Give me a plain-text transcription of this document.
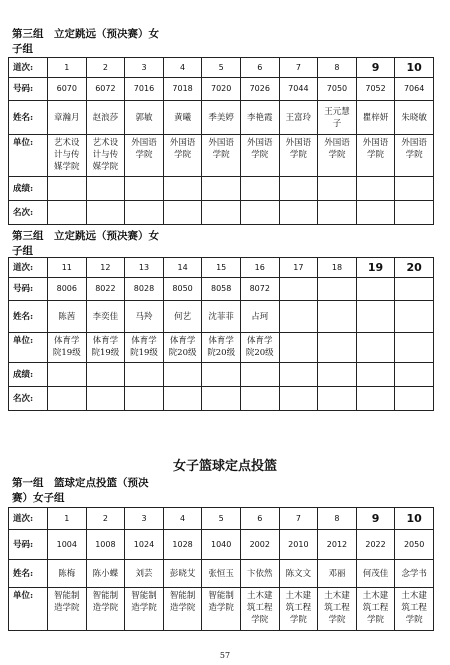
第三组　立定跳远（预决赛）女
子组
道次:	1	2	3	4	5	6	7	8	9	10
号码:	6070	6072	7016	7018	7020	7026	7044	7050	7052	7064
姓名:	章瀚月	赵浪莎	郭敏	黄曦	季美婷	李艳霞	王富玲	王元慧子	瞿梓妍	朱晓敏
单位:	艺术设计与传媒学院	艺术设计与传媒学院	外国语学院	外国语学院	外国语学院	外国语学院	外国语学院	外国语学院	外国语学院	外国语学院
成绩:										
名次:										
第三组　立定跳远（预决赛）女
子组
道次:	11	12	13	14	15	16	17	18	19	20
号码:	8006	8022	8028	8050	8058	8072				
姓名:	陈茜	李奕佳	马羚	何艺	沈菲菲	占珂				
单位:	体育学院19级	体育学院19级	体育学院19级	体育学院20级	体育学院20级	体育学院20级				
成绩:										
名次:										
女子篮球定点投篮
第一组　篮球定点投篮（预决
赛）女子组
道次:	1	2	3	4	5	6	7	8	9	10
号码:	1004	1008	1024	1028	1040	2002	2010	2012	2022	2050
姓名:	陈梅	陈小蝶	刘芸	彭晓艾	张恒玉	卞依然	陈文文	邓丽	何茂佳	念学书
单位:	智能制造学院	智能制造学院	智能制造学院	智能制造学院	智能制造学院	土木建筑工程学院	土木建筑工程学院	土木建筑工程学院	土木建筑工程学院	土木建筑工程学院
57
